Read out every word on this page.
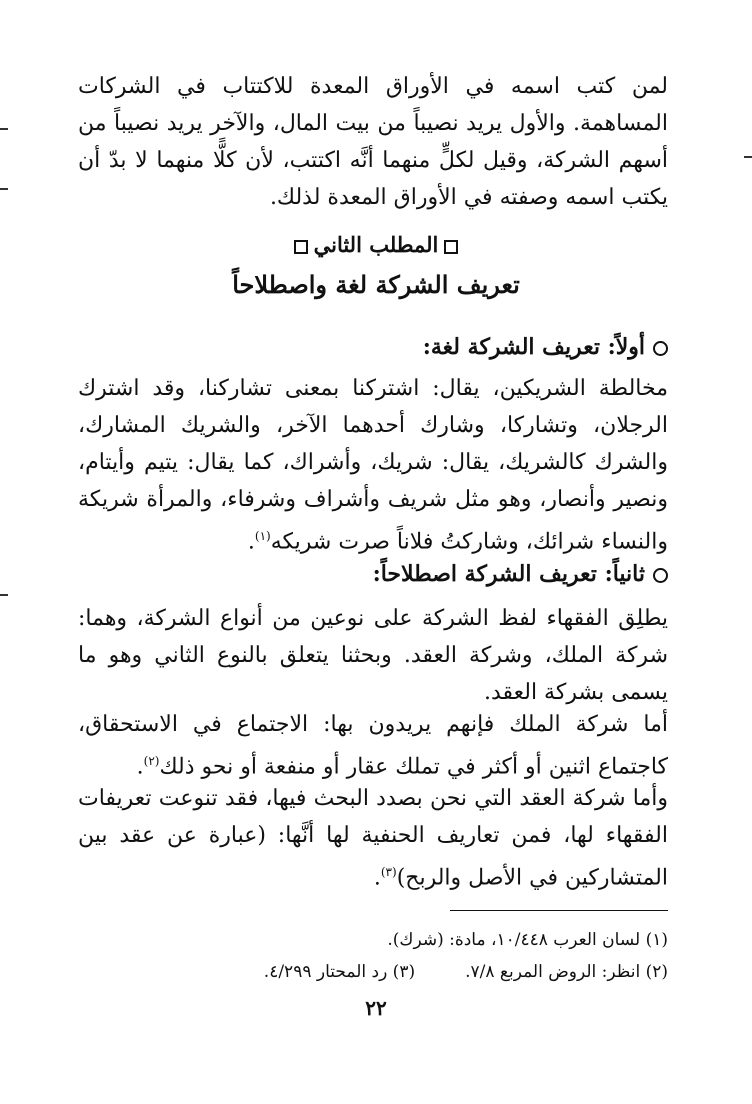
لمن كتب اسمه في الأوراق المعدة للاكتتاب في الشركات المساهمة. والأول يريد نصيباً من بيت المال، والآخر يريد نصيباً من أسهم الشركة، وقيل لكلٍّ منهما أنَّه اكتتب، لأن كلًّا منهما لا بدّ أن يكتب اسمه وصفته في الأوراق المعدة لذلك.

المطلب الثاني
تعريف الشركة لغة واصطلاحاً
أولاً: تعريف الشركة لغة:

مخالطة الشريكين، يقال: اشتركنا بمعنى تشاركنا، وقد اشترك الرجلان، وتشاركا، وشارك أحدهما الآخر، والشريك المشارك، والشرك كالشريك، يقال: شريك، وأشراك، كما يقال: يتيم وأيتام، ونصير وأنصار، وهو مثل شريف وأشراف وشرفاء، والمرأة شريكة والنساء شرائك، وشاركتُ فلاناً صرت شريكه$^{(١)}$.

ثانياً: تعريف الشركة اصطلاحاً:

يطلِق الفقهاء لفظ الشركة على نوعين من أنواع الشركة، وهما: شركة الملك، وشركة العقد. وبحثنا يتعلق بالنوع الثاني وهو ما يسمى بشركة العقد.

أما شركة الملك فإنهم يريدون بها: الاجتماع في الاستحقاق، كاجتماع اثنين أو أكثر في تملك عقار أو منفعة أو نحو ذلك$^{(٢)}$.

وأما شركة العقد التي نحن بصدد البحث فيها، فقد تنوعت تعريفات الفقهاء لها، فمن تعاريف الحنفية لها أنَّها: (عبارة عن عقد بين المتشاركين في الأصل والربح)$^{(٣)}$.

(١) لسان العرب ١٠/٤٤٨، مادة: (شرك).
(٢) انظر: الروض المربع ٧/٨.(٣) رد المحتار ٤/٢٩٩.
٢٢
